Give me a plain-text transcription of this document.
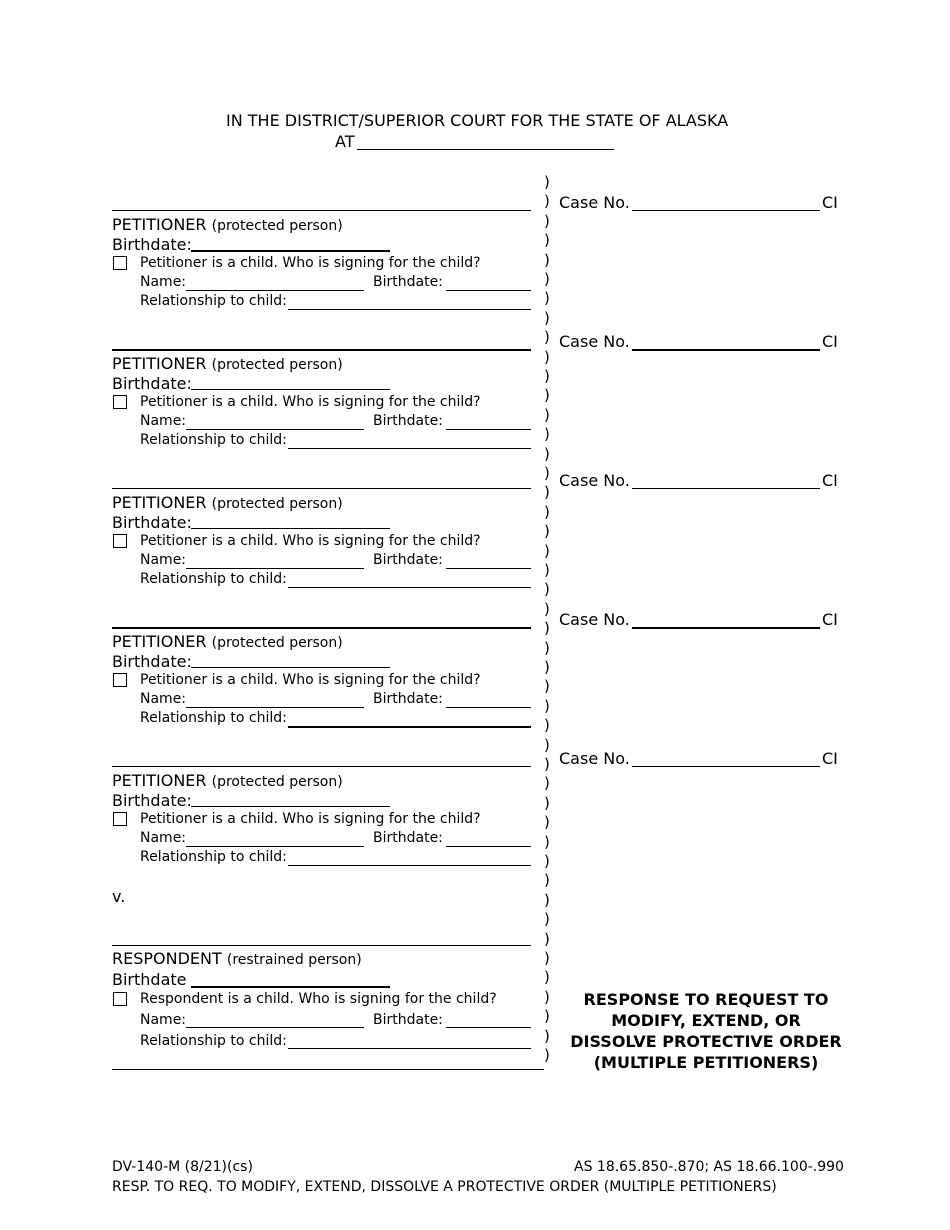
IN THE DISTRICT/SUPERIOR COURT FOR THE STATE OF ALASKA
AT
PETITIONER (protected person)
Birthdate:
Petitioner is a child. Who is signing for the child?
Name:	Birthdate:
Relationship to child:
Case No.	CI
PETITIONER (protected person)
Birthdate:
Petitioner is a child. Who is signing for the child?
Name:	Birthdate:
Relationship to child:
Case No.	CI
PETITIONER (protected person)
Birthdate:
Petitioner is a child. Who is signing for the child?
Name:	Birthdate:
Relationship to child:
Case No.	CI
PETITIONER (protected person)
Birthdate:
Petitioner is a child. Who is signing for the child?
Name:	Birthdate:
Relationship to child:
Case No.	CI
PETITIONER (protected person)
Birthdate:
Petitioner is a child. Who is signing for the child?
Name:	Birthdate:
Relationship to child:
Case No.	CI
)
)
)
)
)
)
)
)
)
)
)
)
)
)
)
)
)
)
)
)
)
)
)
)
)
)
)
)
)
)
)
)
)
)
)
)
)
)
)
)
)
)
)
)
)
)
v.
RESPONDENT (restrained person)
Birthdate
Respondent is a child. Who is signing for the child?
Name:	Birthdate:
Relationship to child:
RESPONSE TO REQUEST TO
MODIFY, EXTEND, OR
DISSOLVE PROTECTIVE ORDER
(MULTIPLE PETITIONERS)
DV-140-M (8/21)(cs)	AS 18.65.850-.870; AS 18.66.100-.990
RESP. TO REQ. TO MODIFY, EXTEND, DISSOLVE A PROTECTIVE ORDER (MULTIPLE PETITIONERS)
